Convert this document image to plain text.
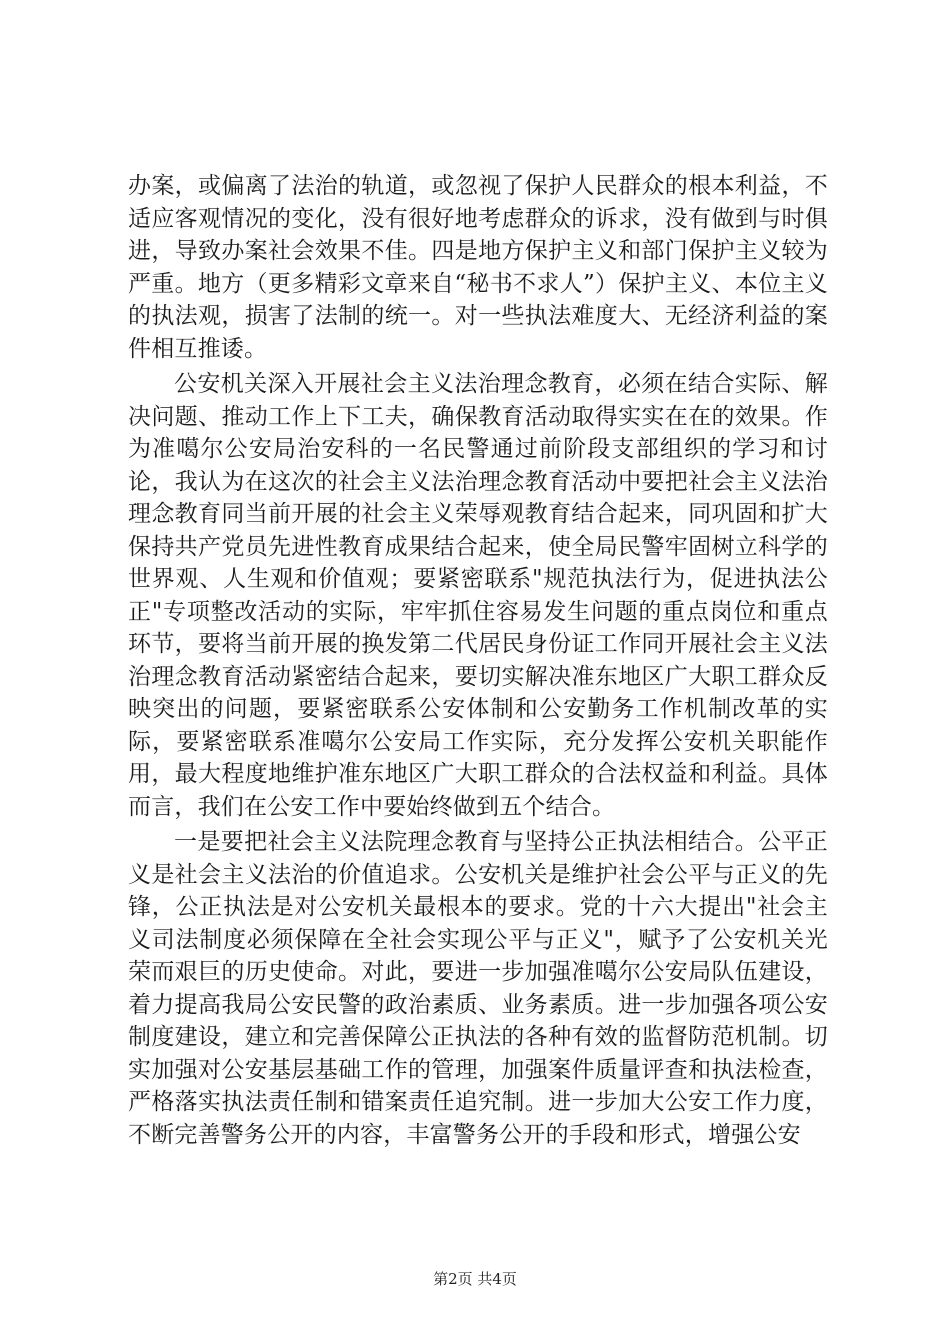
办案，或偏离了法治的轨道，或忽视了保护人民群众的根本利益，不适应客观情况的变化，没有很好地考虑群众的诉求，没有做到与时俱进，导致办案社会效果不佳。四是地方保护主义和部门保护主义较为严重。地方（更多精彩文章来自“秘书不求人”）保护主义、本位主义的执法观，损害了法制的统一。对一些执法难度大、无经济利益的案件相互推诿。

公安机关深入开展社会主义法治理念教育，必须在结合实际、解决问题、推动工作上下工夫，确保教育活动取得实实在在的效果。作为准噶尔公安局治安科的一名民警通过前阶段支部组织的学习和讨论，我认为在这次的社会主义法治理念教育活动中要把社会主义法治理念教育同当前开展的社会主义荣辱观教育结合起来，同巩固和扩大保持共产党员先进性教育成果结合起来，使全局民警牢固树立科学的世界观、人生观和价值观；要紧密联系"规范执法行为，促进执法公正"专项整改活动的实际，牢牢抓住容易发生问题的重点岗位和重点环节，要将当前开展的换发第二代居民身份证工作同开展社会主义法治理念教育活动紧密结合起来，要切实解决准东地区广大职工群众反映突出的问题，要紧密联系公安体制和公安勤务工作机制改革的实际，要紧密联系准噶尔公安局工作实际，充分发挥公安机关职能作用，最大程度地维护准东地区广大职工群众的合法权益和利益。具体而言，我们在公安工作中要始终做到五个结合。

一是要把社会主义法院理念教育与坚持公正执法相结合。公平正义是社会主义法治的价值追求。公安机关是维护社会公平与正义的先锋，公正执法是对公安机关最根本的要求。党的十六大提出"社会主义司法制度必须保障在全社会实现公平与正义"，赋予了公安机关光荣而艰巨的历史使命。对此，要进一步加强准噶尔公安局队伍建设，着力提高我局公安民警的政治素质、业务素质。进一步加强各项公安制度建设，建立和完善保障公正执法的各种有效的监督防范机制。切实加强对公安基层基础工作的管理，加强案件质量评查和执法检查，严格落实执法责任制和错案责任追究制。进一步加大公安工作力度，不断完善警务公开的内容，丰富警务公开的手段和形式，增强公安

第2页 共4页
